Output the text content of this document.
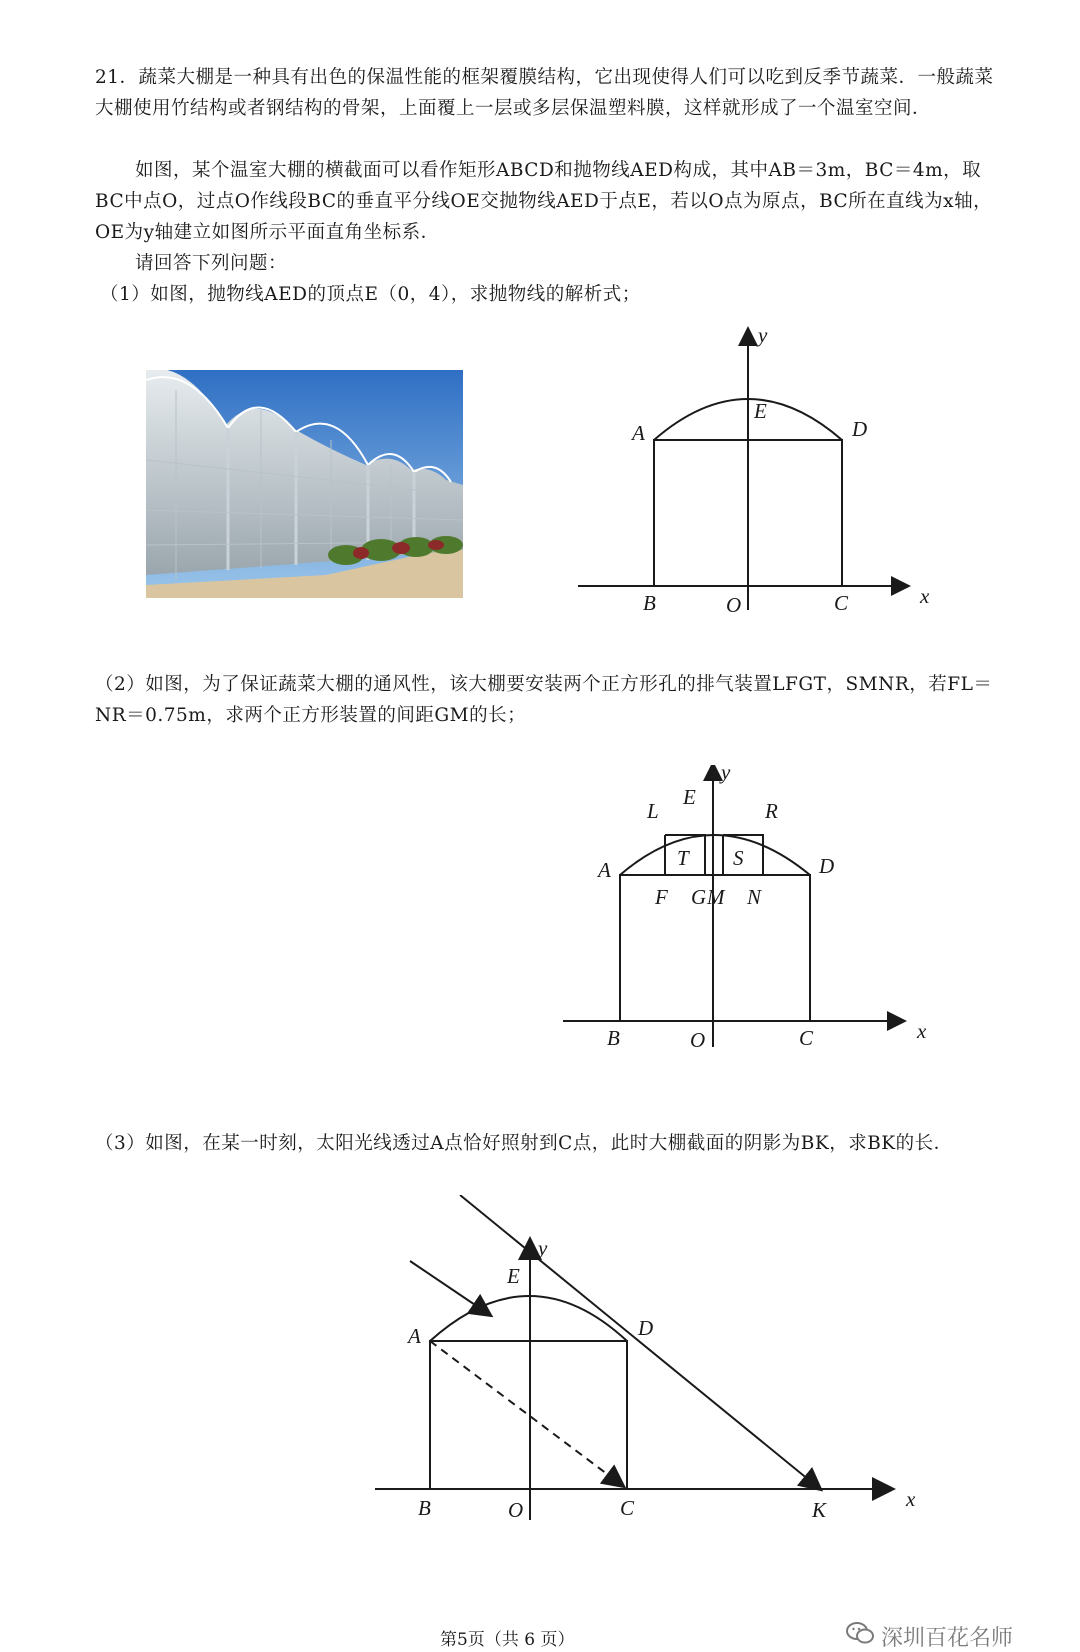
21．蔬菜大棚是一种具有出色的保温性能的框架覆膜结构，它出现使得人们可以吃到反季节蔬菜．一般蔬菜大棚使用竹结构或者钢结构的骨架，上面覆上一层或多层保温塑料膜，这样就形成了一个温室空间．

如图，某个温室大棚的横截面可以看作矩形ABCD和抛物线AED构成，其中AB＝3m，BC＝4m，取BC中点O，过点O作线段BC的垂直平分线OE交抛物线AED于点E，若以O点为原点，BC所在直线为x轴， OE为y轴建立如图所示平面直角坐标系．

请回答下列问题：

（1）如图，抛物线AED的顶点E（0，4），求抛物线的解析式；

y
x
E
A	D
B	O	C

（2）如图，为了保证蔬菜大棚的通风性，该大棚要安装两个正方形孔的排气装置LFGT，SMNR，若FL＝NR＝0.75m，求两个正方形装置的间距GM的长；

y
x
E
L	R
T S
A	D
F G M N
B	O	C

（3）如图，在某一时刻，太阳光线透过A点恰好照射到C点，此时大棚截面的阴影为BK，求BK的长．

y
x
E
A	D
B	O	C	K
第5页（共 6 页）	深圳百花名师
